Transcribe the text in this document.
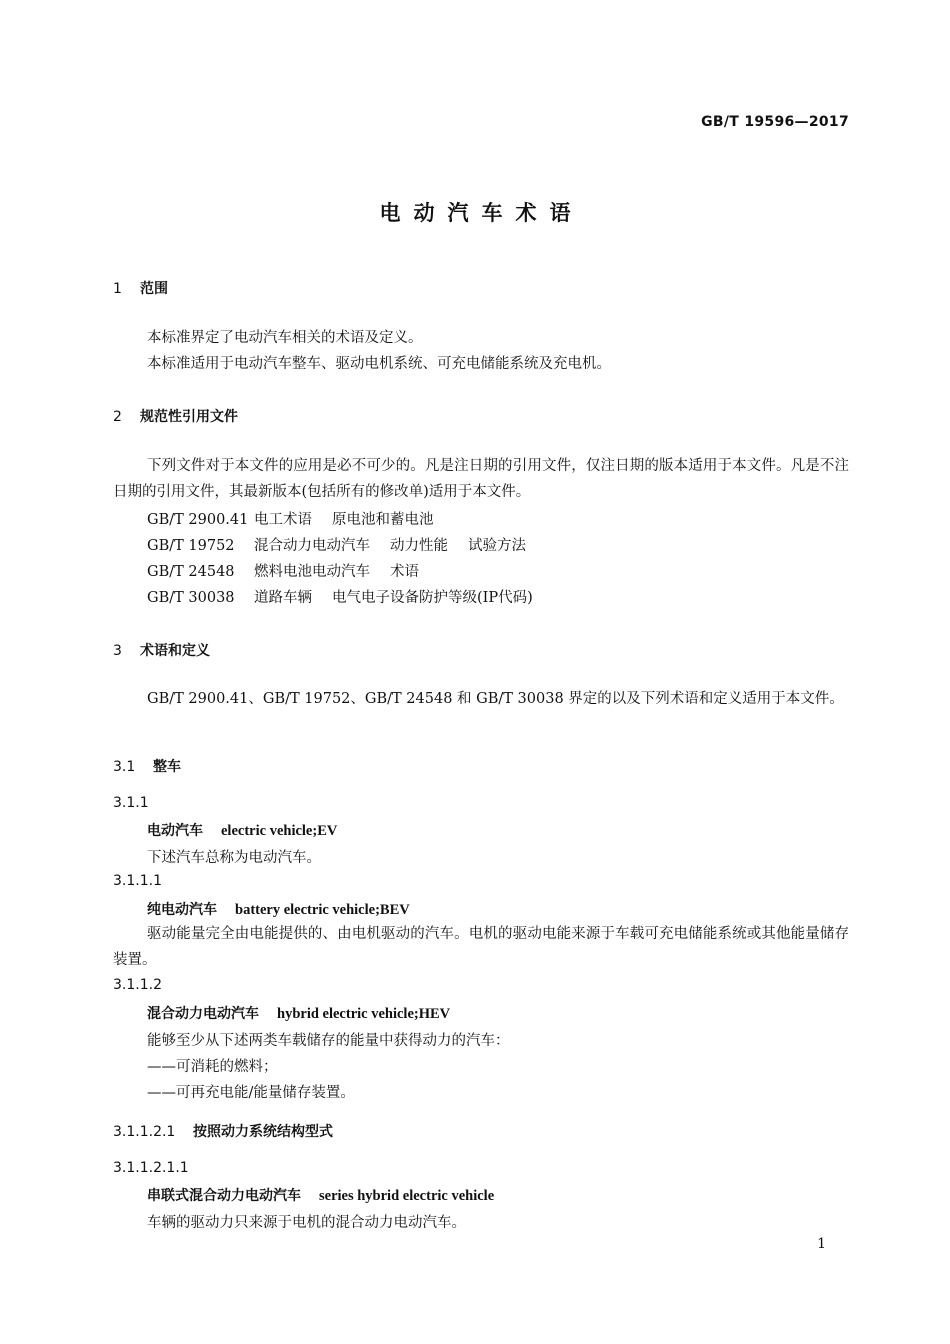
GB/T 19596—2017
电动汽车术语
1 范围
本标准界定了电动汽车相关的术语及定义。
本标准适用于电动汽车整车、驱动电机系统、可充电储能系统及充电机。
2 规范性引用文件
下列文件对于本文件的应用是必不可少的。凡是注日期的引用文件，仅注日期的版本适用于本文件。凡是不注日期的引用文件，其最新版本(包括所有的修改单)适用于本文件。
GB/T 2900.41 电工术语 原电池和蓄电池
GB/T 19752 混合动力电动汽车 动力性能 试验方法
GB/T 24548 燃料电池电动汽车 术语
GB/T 30038 道路车辆 电气电子设备防护等级(IP代码)
3 术语和定义
GB/T 2900.41、GB/T 19752、GB/T 24548 和 GB/T 30038 界定的以及下列术语和定义适用于本文件。
3.1 整车
3.1.1
电动汽车 electric vehicle;EV
下述汽车总称为电动汽车。
3.1.1.1
纯电动汽车 battery electric vehicle;BEV
驱动能量完全由电能提供的、由电机驱动的汽车。电机的驱动电能来源于车载可充电储能系统或其他能量储存装置。
3.1.1.2
混合动力电动汽车 hybrid electric vehicle;HEV
能够至少从下述两类车载储存的能量中获得动力的汽车：
——可消耗的燃料；
——可再充电能/能量储存装置。
3.1.1.2.1 按照动力系统结构型式
3.1.1.2.1.1
串联式混合动力电动汽车 series hybrid electric vehicle
车辆的驱动力只来源于电机的混合动力电动汽车。
1
